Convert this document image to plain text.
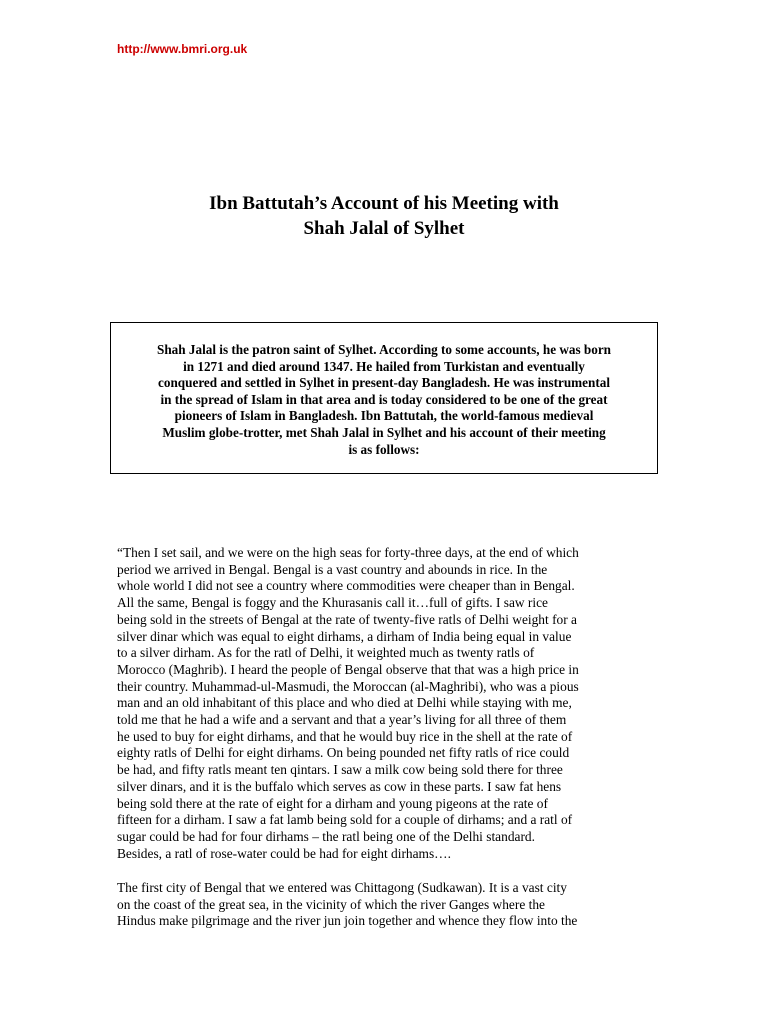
http://www.bmri.org.uk
Ibn Battutah’s Account of his Meeting with
Shah Jalal of Sylhet
Shah Jalal is the patron saint of Sylhet. According to some accounts, he was born
in 1271 and died around 1347. He hailed from Turkistan and eventually
conquered and settled in Sylhet in present-day Bangladesh. He was instrumental
in the spread of Islam in that area and is today considered to be one of the great
pioneers of Islam in Bangladesh. Ibn Battutah, the world-famous medieval
Muslim globe-trotter, met Shah Jalal in Sylhet and his account of their meeting
is as follows:
“Then I set sail, and we were on the high seas for forty-three days, at the end of which
period we arrived in Bengal. Bengal is a vast country and abounds in rice. In the
whole world I did not see a country where commodities were cheaper than in Bengal.
All the same, Bengal is foggy and the Khurasanis call it…full of gifts. I saw rice
being sold in the streets of Bengal at the rate of twenty-five ratls of Delhi weight for a
silver dinar which was equal to eight dirhams, a dirham of India being equal in value
to a silver dirham. As for the ratl of Delhi, it weighted much as twenty ratls of
Morocco (Maghrib). I heard the people of Bengal observe that that was a high price in
their country. Muhammad-ul-Masmudi, the Moroccan (al-Maghribi), who was a pious
man and an old inhabitant of this place and who died at Delhi while staying with me,
told me that he had a wife and a servant and that a year’s living for all three of them
he used to buy for eight dirhams, and that he would buy rice in the shell at the rate of
eighty ratls of Delhi for eight dirhams. On being pounded net fifty ratls of rice could
be had, and fifty ratls meant ten qintars. I saw a milk cow being sold there for three
silver dinars, and it is the buffalo which serves as cow in these parts. I saw fat hens
being sold there at the rate of eight for a dirham and young pigeons at the rate of
fifteen for a dirham. I saw a fat lamb being sold for a couple of dirhams; and a ratl of
sugar could be had for four dirhams – the ratl being one of the Delhi standard.
Besides, a ratl of rose-water could be had for eight dirhams….
The first city of Bengal that we entered was Chittagong (Sudkawan). It is a vast city
on the coast of the great sea, in the vicinity of which the river Ganges where the
Hindus make pilgrimage and the river jun join together and whence they flow into the
